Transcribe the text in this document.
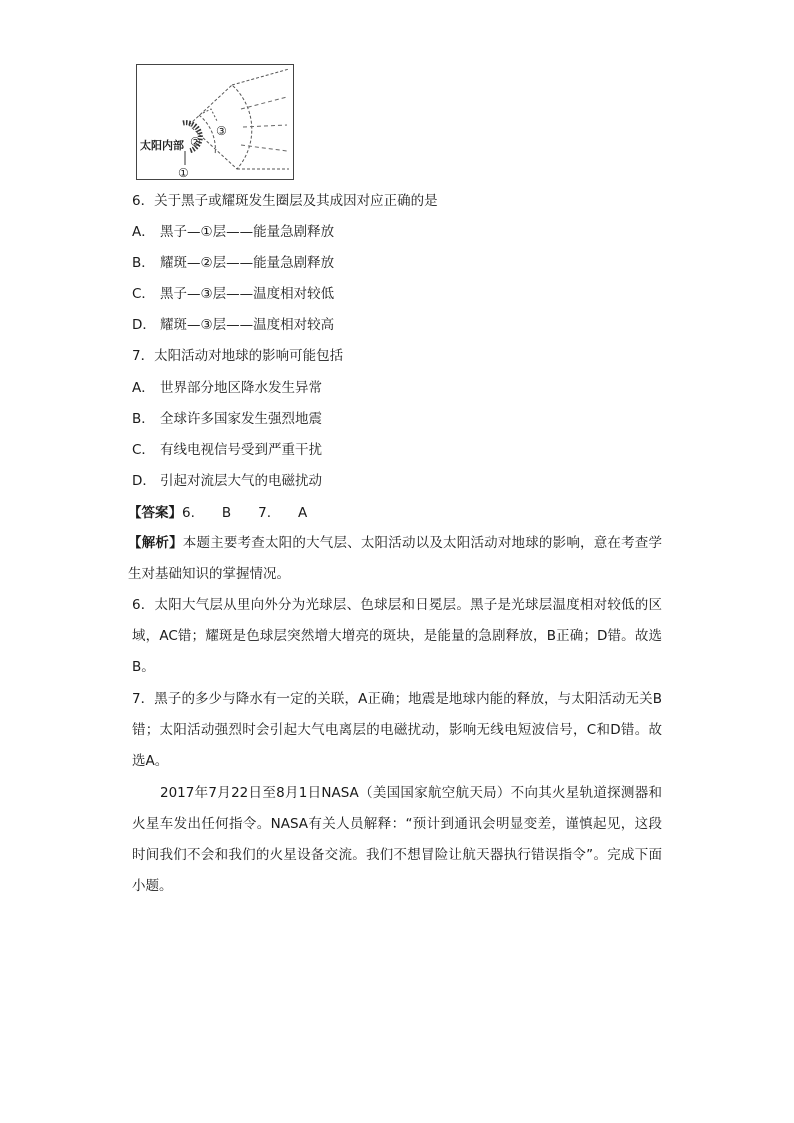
太阳内部
①
②
③
6．关于黑子或耀斑发生圈层及其成因对应正确的是
A． 黑子—①层——能量急剧释放
B． 耀斑—②层——能量急剧释放
C． 黑子—③层——温度相对较低
D． 耀斑—③层——温度相对较高
7．太阳活动对地球的影响可能包括
A． 世界部分地区降水发生异常
B． 全球许多国家发生强烈地震
C． 有线电视信号受到严重干扰
D． 引起对流层大气的电磁扰动
【答案】6.　　B　　7.　　A
【解析】本题主要考查太阳的大气层、太阳活动以及太阳活动对地球的影响，意在考查学生对基础知识的掌握情况。
6．太阳大气层从里向外分为光球层、色球层和日冕层。黑子是光球层温度相对较低的区域，AC错；耀斑是色球层突然增大增亮的斑块，是能量的急剧释放，B正确；D错。故选B。
7．黑子的多少与降水有一定的关联，A正确；地震是地球内能的释放，与太阳活动无关B错；太阳活动强烈时会引起大气电离层的电磁扰动，影响无线电短波信号，C和D错。故选A。
2017年7月22日至8月1日NASA（美国国家航空航天局）不向其火星轨道探测器和火星车发出任何指令。NASA有关人员解释：“预计到通讯会明显变差，谨慎起见，这段时间我们不会和我们的火星设备交流。我们不想冒险让航天器执行错误指令”。完成下面小题。
